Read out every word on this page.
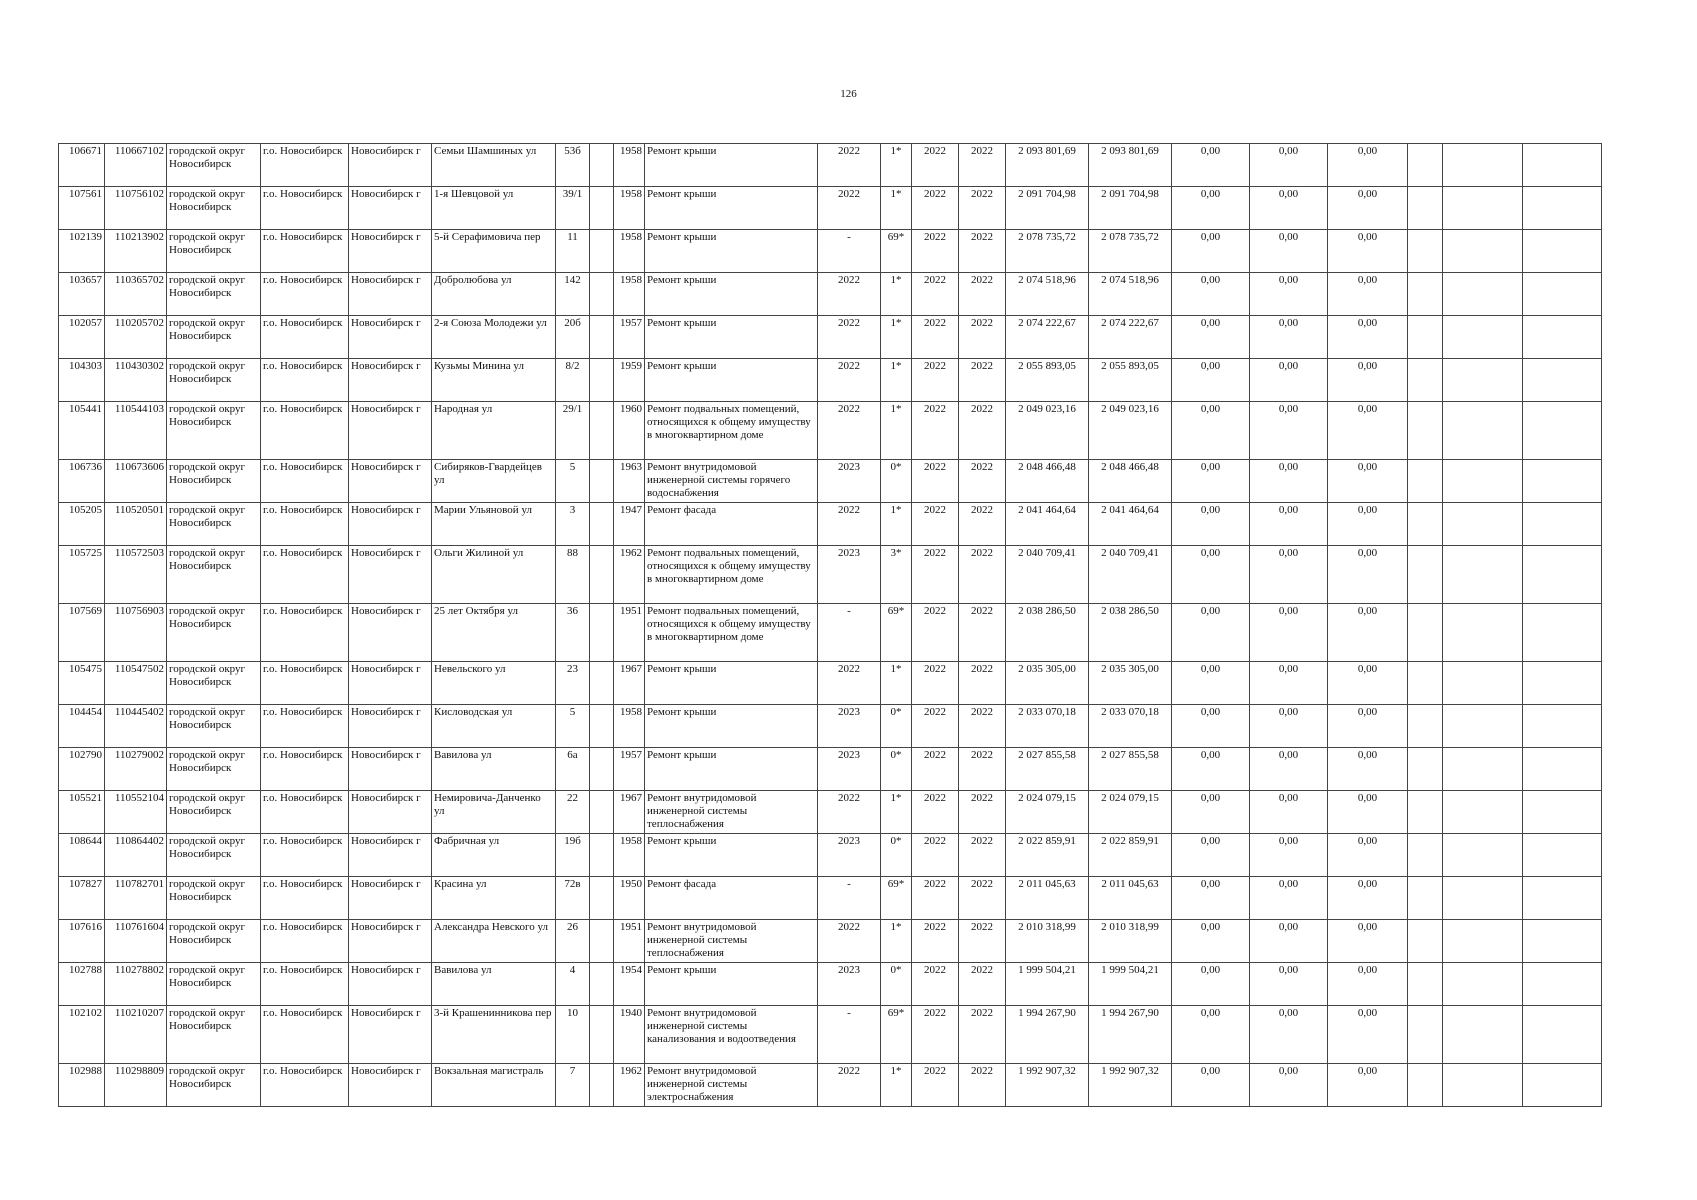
126
106671	110667102	городской округ Новосибирск	г.о. Новосибирск	Новосибирск г	Семьи Шамшиных ул	53б		1958	Ремонт крыши	2022	1*	2022	2022	2 093 801,69	2 093 801,69	0,00	0,00	0,00			
107561	110756102	городской округ Новосибирск	г.о. Новосибирск	Новосибирск г	1-я Шевцовой ул	39/1		1958	Ремонт крыши	2022	1*	2022	2022	2 091 704,98	2 091 704,98	0,00	0,00	0,00			
102139	110213902	городской округ Новосибирск	г.о. Новосибирск	Новосибирск г	5-й Серафимовича пер	11		1958	Ремонт крыши	-	69*	2022	2022	2 078 735,72	2 078 735,72	0,00	0,00	0,00			
103657	110365702	городской округ Новосибирск	г.о. Новосибирск	Новосибирск г	Добролюбова ул	142		1958	Ремонт крыши	2022	1*	2022	2022	2 074 518,96	2 074 518,96	0,00	0,00	0,00			
102057	110205702	городской округ Новосибирск	г.о. Новосибирск	Новосибирск г	2-я Союза Молодежи ул	20б		1957	Ремонт крыши	2022	1*	2022	2022	2 074 222,67	2 074 222,67	0,00	0,00	0,00			
104303	110430302	городской округ Новосибирск	г.о. Новосибирск	Новосибирск г	Кузьмы Минина ул	8/2		1959	Ремонт крыши	2022	1*	2022	2022	2 055 893,05	2 055 893,05	0,00	0,00	0,00			
105441	110544103	городской округ Новосибирск	г.о. Новосибирск	Новосибирск г	Народная ул	29/1		1960	Ремонт подвальных помещений, относящихся к общему имуществу в многоквартирном доме	2022	1*	2022	2022	2 049 023,16	2 049 023,16	0,00	0,00	0,00			
106736	110673606	городской округ Новосибирск	г.о. Новосибирск	Новосибирск г	Сибиряков-Гвардейцев ул	5		1963	Ремонт внутридомовой инженерной системы горячего водоснабжения	2023	0*	2022	2022	2 048 466,48	2 048 466,48	0,00	0,00	0,00			
105205	110520501	городской округ Новосибирск	г.о. Новосибирск	Новосибирск г	Марии Ульяновой ул	3		1947	Ремонт фасада	2022	1*	2022	2022	2 041 464,64	2 041 464,64	0,00	0,00	0,00			
105725	110572503	городской округ Новосибирск	г.о. Новосибирск	Новосибирск г	Ольги Жилиной ул	88		1962	Ремонт подвальных помещений, относящихся к общему имуществу в многоквартирном доме	2023	3*	2022	2022	2 040 709,41	2 040 709,41	0,00	0,00	0,00			
107569	110756903	городской округ Новосибирск	г.о. Новосибирск	Новосибирск г	25 лет Октября ул	36		1951	Ремонт подвальных помещений, относящихся к общему имуществу в многоквартирном доме	-	69*	2022	2022	2 038 286,50	2 038 286,50	0,00	0,00	0,00			
105475	110547502	городской округ Новосибирск	г.о. Новосибирск	Новосибирск г	Невельского ул	23		1967	Ремонт крыши	2022	1*	2022	2022	2 035 305,00	2 035 305,00	0,00	0,00	0,00			
104454	110445402	городской округ Новосибирск	г.о. Новосибирск	Новосибирск г	Кисловодская ул	5		1958	Ремонт крыши	2023	0*	2022	2022	2 033 070,18	2 033 070,18	0,00	0,00	0,00			
102790	110279002	городской округ Новосибирск	г.о. Новосибирск	Новосибирск г	Вавилова ул	6а		1957	Ремонт крыши	2023	0*	2022	2022	2 027 855,58	2 027 855,58	0,00	0,00	0,00			
105521	110552104	городской округ Новосибирск	г.о. Новосибирск	Новосибирск г	Немировича-Данченко ул	22		1967	Ремонт внутридомовой инженерной системы теплоснабжения	2022	1*	2022	2022	2 024 079,15	2 024 079,15	0,00	0,00	0,00			
108644	110864402	городской округ Новосибирск	г.о. Новосибирск	Новосибирск г	Фабричная ул	19б		1958	Ремонт крыши	2023	0*	2022	2022	2 022 859,91	2 022 859,91	0,00	0,00	0,00			
107827	110782701	городской округ Новосибирск	г.о. Новосибирск	Новосибирск г	Красина ул	72в		1950	Ремонт фасада	-	69*	2022	2022	2 011 045,63	2 011 045,63	0,00	0,00	0,00			
107616	110761604	городской округ Новосибирск	г.о. Новосибирск	Новосибирск г	Александра Невского ул	26		1951	Ремонт внутридомовой инженерной системы теплоснабжения	2022	1*	2022	2022	2 010 318,99	2 010 318,99	0,00	0,00	0,00			
102788	110278802	городской округ Новосибирск	г.о. Новосибирск	Новосибирск г	Вавилова ул	4		1954	Ремонт крыши	2023	0*	2022	2022	1 999 504,21	1 999 504,21	0,00	0,00	0,00			
102102	110210207	городской округ Новосибирск	г.о. Новосибирск	Новосибирск г	3-й Крашенинникова пер	10		1940	Ремонт внутридомовой инженерной системы канализования и водоотведения	-	69*	2022	2022	1 994 267,90	1 994 267,90	0,00	0,00	0,00			
102988	110298809	городской округ Новосибирск	г.о. Новосибирск	Новосибирск г	Вокзальная магистраль	7		1962	Ремонт внутридомовой инженерной системы электроснабжения	2022	1*	2022	2022	1 992 907,32	1 992 907,32	0,00	0,00	0,00			
